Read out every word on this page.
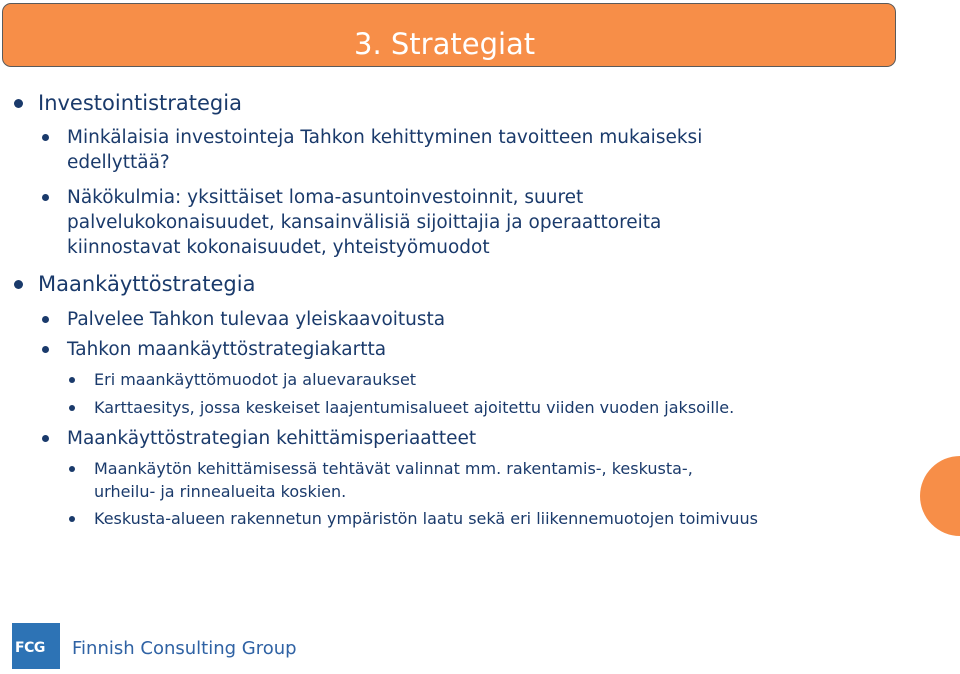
3. Strategiat
Investointistrategia
Minkälaisia investointeja Tahkon kehittyminen tavoitteen mukaiseksi
edellyttää?
Näkökulmia: yksittäiset loma-asuntoinvestoinnit, suuret
palvelukokonaisuudet, kansainvälisiä sijoittajia ja operaattoreita
kiinnostavat kokonaisuudet, yhteistyömuodot
Maankäyttöstrategia
Palvelee Tahkon tulevaa yleiskaavoitusta
Tahkon maankäyttöstrategiakartta
Eri maankäyttömuodot ja aluevaraukset
Karttaesitys, jossa keskeiset laajentumisalueet ajoitettu viiden vuoden jaksoille.
Maankäyttöstrategian kehittämisperiaatteet
Maankäytön kehittämisessä tehtävät valinnat mm. rakentamis-, keskusta-,
urheilu- ja rinnealueita koskien.
Keskusta-alueen rakennetun ympäristön laatu sekä eri liikennemuotojen toimivuus
FCG Finnish Consulting Group
